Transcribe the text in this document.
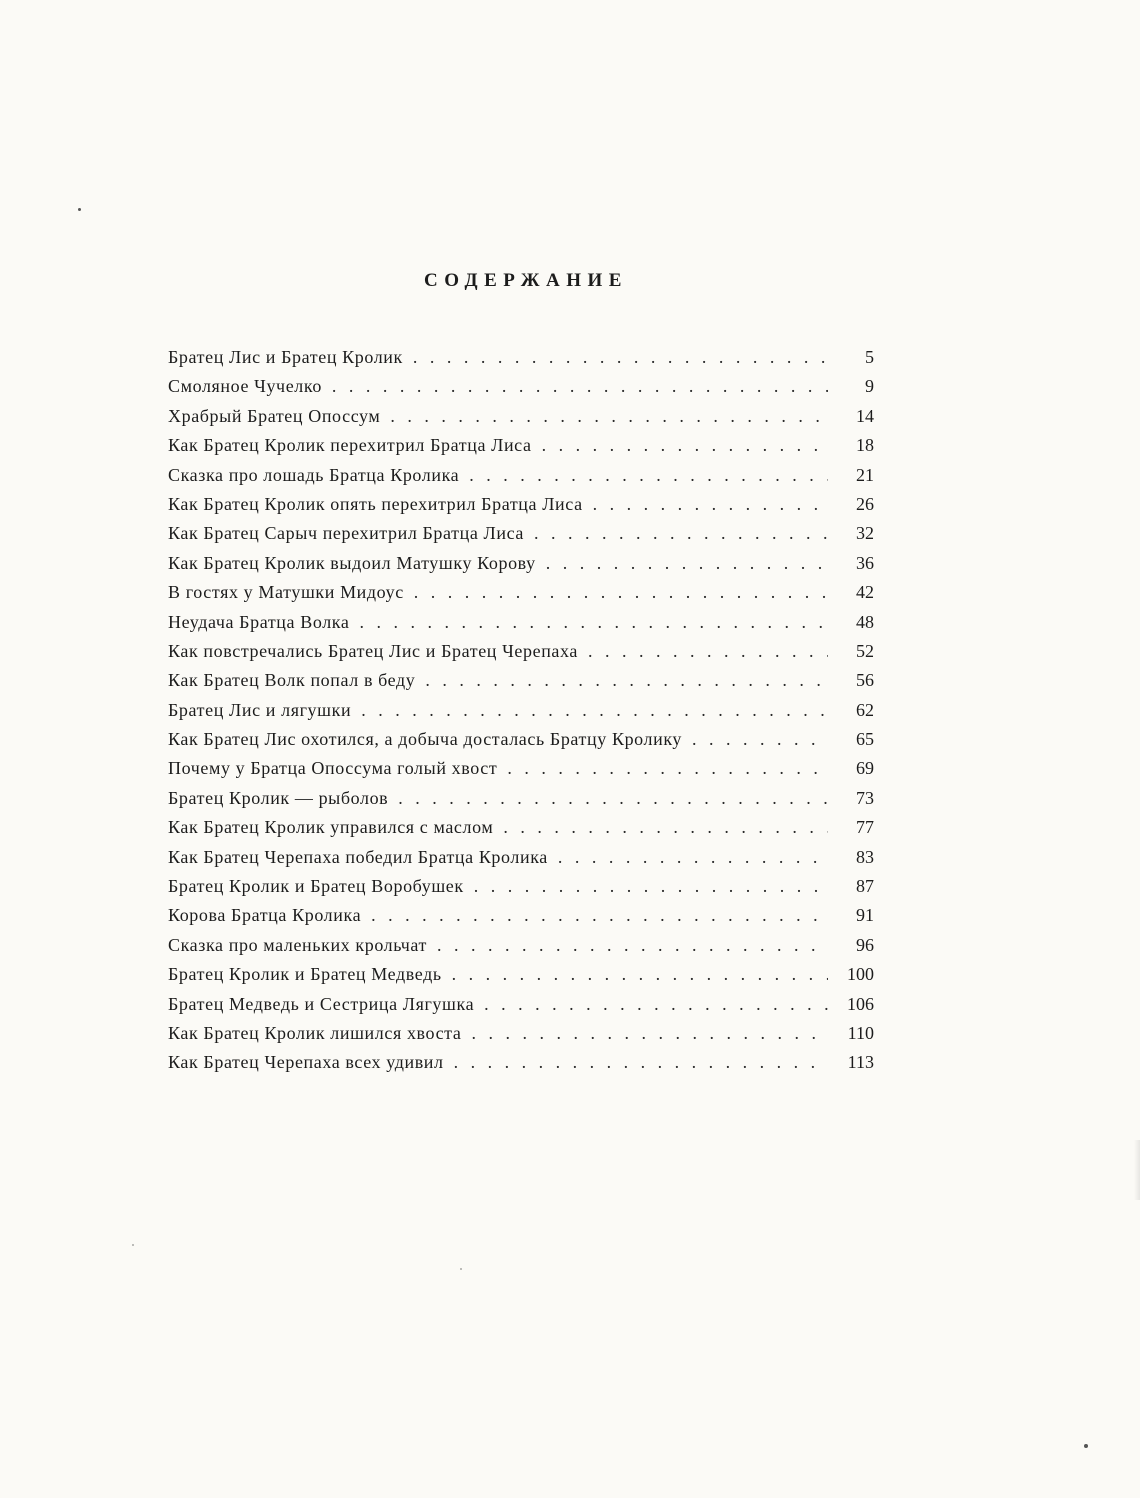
СОДЕРЖАНИЕ
Братец Лис и Братец Кролик . . .	5
Смоляное Чучелко . . .	9
Храбрый Братец Опоссум . . .	14
Как Братец Кролик перехитрил Братца Лиса . . .	18
Сказка про лошадь Братца Кролика . . .	21
Как Братец Кролик опять перехитрил Братца Лиса . . .	26
Как Братец Сарыч перехитрил Братца Лиса . . .	32
Как Братец Кролик выдоил Матушку Корову . . .	36
В гостях у Матушки Мидоус . . .	42
Неудача Братца Волка . . .	48
Как повстречались Братец Лис и Братец Черепаха . . .	52
Как Братец Волк попал в беду . . .	56
Братец Лис и лягушки . . .	62
Как Братец Лис охотился, а добыча досталась Братцу Кролику . . .	65
Почему у Братца Опоссума голый хвост . . .	69
Братец Кролик — рыболов . . .	73
Как Братец Кролик управился с маслом . . .	77
Как Братец Черепаха победил Братца Кролика . . .	83
Братец Кролик и Братец Воробушек . . .	87
Корова Братца Кролика . . .	91
Сказка про маленьких крольчат . . .	96
Братец Кролик и Братец Медведь . . .	100
Братец Медведь и Сестрица Лягушка . . .	106
Как Братец Кролик лишился хвоста . . .	110
Как Братец Черепаха всех удивил . . .	113
